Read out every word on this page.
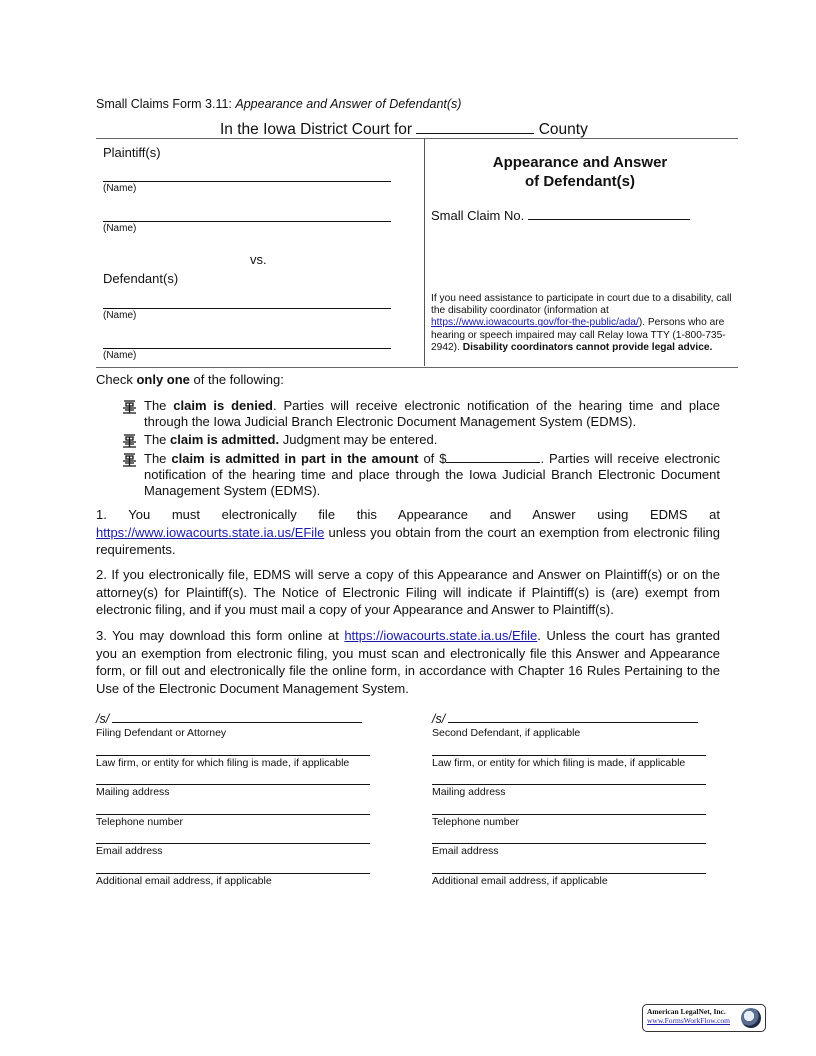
Small Claims Form 3.11: Appearance and Answer of Defendant(s)
In the Iowa District Court for	County
Plaintiff(s)
(Name)
(Name)
vs.
Defendant(s)
(Name)
(Name)
Appearance and Answer
of Defendant(s)
Small Claim No.
If you need assistance to participate in court due to a disability, call the disability coordinator (information at https://www.iowacourts.gov/for-the-public/ada/). Persons who are hearing or speech impaired may call Relay Iowa TTY (1-800-735-2942). Disability coordinators cannot provide legal advice.
Check only one of the following:
The claim is denied. Parties will receive electronic notification of the hearing time and place through the Iowa Judicial Branch Electronic Document Management System (EDMS).
The claim is admitted. Judgment may be entered.
The claim is admitted in part in the amount of $	. Parties will receive electronic notification of the hearing time and place through the Iowa Judicial Branch Electronic Document Management System (EDMS).
1. You must electronically file this Appearance and Answer using EDMS at https://www.iowacourts.state.ia.us/EFile unless you obtain from the court an exemption from electronic filing requirements.
2. If you electronically file, EDMS will serve a copy of this Appearance and Answer on Plaintiff(s) or on the attorney(s) for Plaintiff(s). The Notice of Electronic Filing will indicate if Plaintiff(s) is (are) exempt from electronic filing, and if you must mail a copy of your Appearance and Answer to Plaintiff(s).
3. You may download this form online at https://iowacourts.state.ia.us/Efile. Unless the court has granted you an exemption from electronic filing, you must scan and electronically file this Answer and Appearance form, or fill out and electronically file the online form, in accordance with Chapter 16 Rules Pertaining to the Use of the Electronic Document Management System.
/s/
Filing Defendant or Attorney
Law firm, or entity for which filing is made, if applicable
Mailing address
Telephone number
Email address
Additional email address, if applicable
/s/
Second Defendant, if applicable
Law firm, or entity for which filing is made, if applicable
Mailing address
Telephone number
Email address
Additional email address, if applicable
American LegalNet, Inc.
www.FormsWorkFlow.com
